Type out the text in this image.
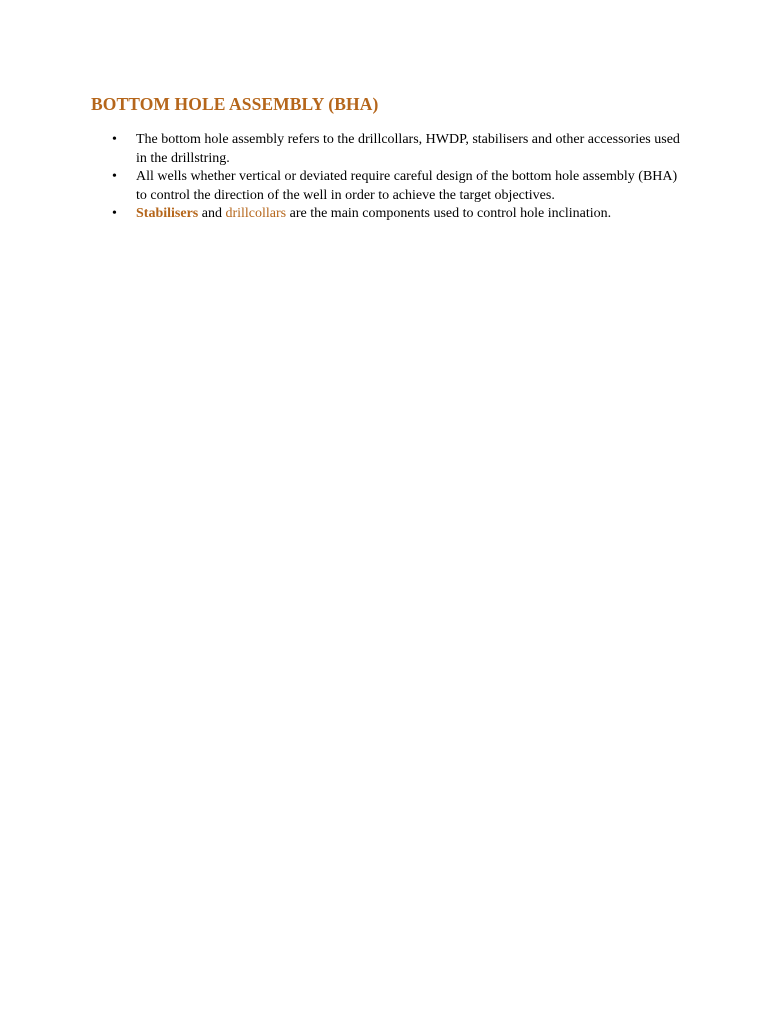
BOTTOM HOLE ASSEMBLY (BHA)
• The bottom hole assembly refers to the drillcollars, HWDP, stabilisers and other accessories used in the drillstring.
• All wells whether vertical or deviated require careful design of the bottom hole assembly (BHA) to control the direction of the well in order to achieve the target objectives.
• Stabilisers and drillcollars are the main components used to control hole inclination.
